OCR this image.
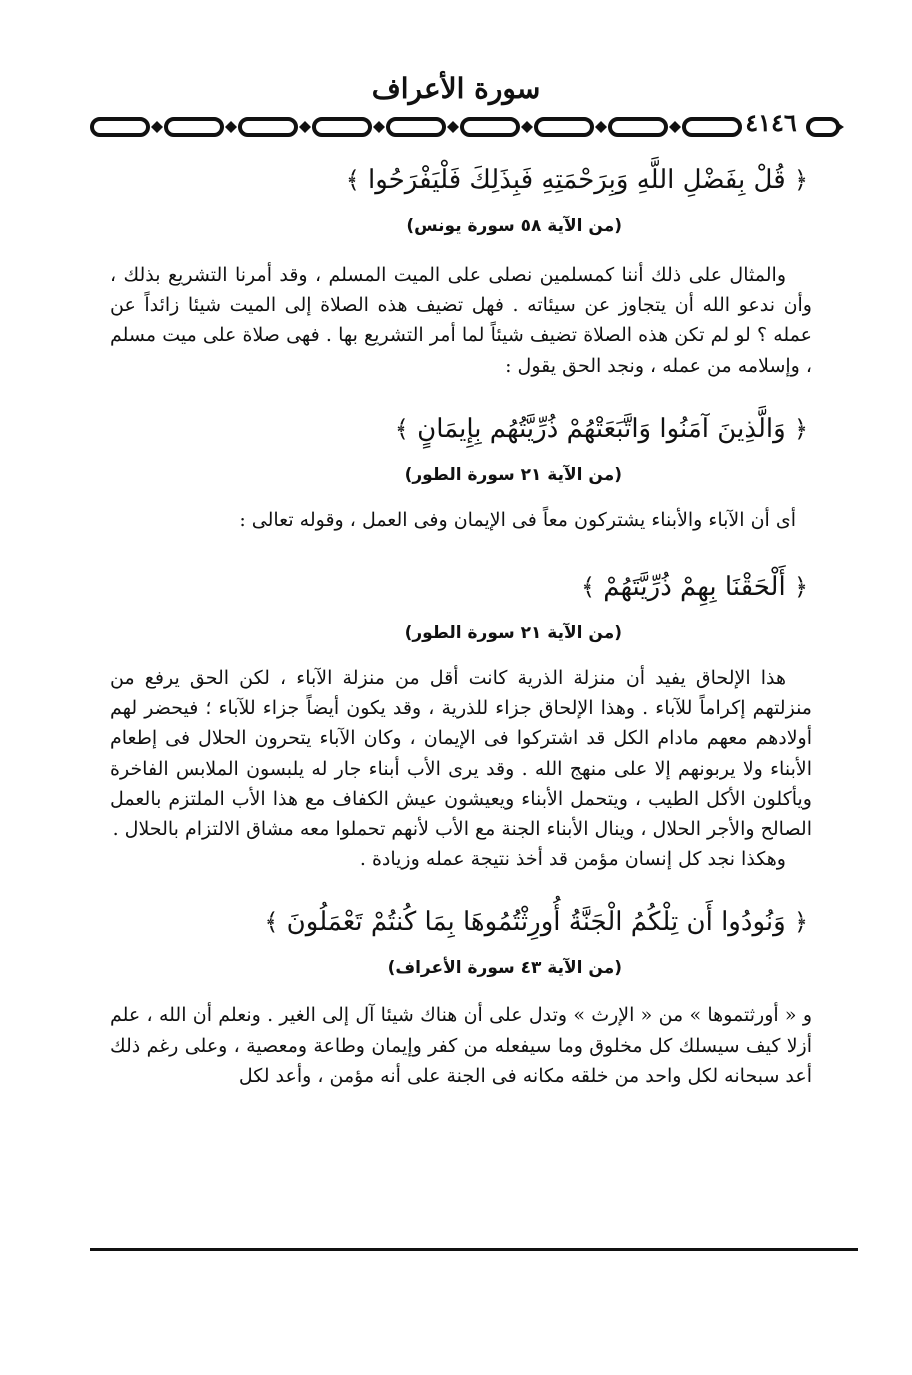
سورة الأعراف
٤١٤٦
﴿ قُلْ بِفَضْلِ اللَّهِ وَبِرَحْمَتِهِ فَبِذَلِكَ فَلْيَفْرَحُوا ﴾
(من الآية ٥٨ سورة يونس)

والمثال على ذلك أننا كمسلمين نصلى على الميت المسلم ، وقد أمرنا التشريع بذلك ، وأن ندعو الله أن يتجاوز عن سيئاته . فهل تضيف هذه الصلاة إلى الميت شيئا زائداً عن عمله ؟ لو لم تكن هذه الصلاة تضيف شيئاً لما أمر التشريع بها . فهى صلاة على ميت مسلم ، وإسلامه من عمله ، ونجد الحق يقول :

﴿ وَالَّذِينَ آمَنُوا وَاتَّبَعَتْهُمْ ذُرِّيَّتُهُم بِإِيمَانٍ ﴾
(من الآية ٢١ سورة الطور)

أى أن الآباء والأبناء يشتركون معاً فى الإيمان وفى العمل ، وقوله تعالى :

﴿ أَلْحَقْنَا بِهِمْ ذُرِّيَّتَهُمْ ﴾
(من الآية ٢١ سورة الطور)

هذا الإلحاق يفيد أن منزلة الذرية كانت أقل من منزلة الآباء ، لكن الحق يرفع من منزلتهم إكراماً للآباء . وهذا الإلحاق جزاء للذرية ، وقد يكون أيضاً جزاء للآباء ؛ فيحضر لهم أولادهم معهم مادام الكل قد اشتركوا فى الإيمان ، وكان الآباء يتحرون الحلال فى إطعام الأبناء ولا يربونهم إلا على منهج الله . وقد يرى الأب أبناء جار له يلبسون الملابس الفاخرة ويأكلون الأكل الطيب ، ويتحمل الأبناء ويعيشون عيش الكفاف مع هذا الأب الملتزم بالعمل الصالح والأجر الحلال ، وينال الأبناء الجنة مع الأب لأنهم تحملوا معه مشاق الالتزام بالحلال .

وهكذا نجد كل إنسان مؤمن قد أخذ نتيجة عمله وزيادة .

﴿ وَنُودُوا أَن تِلْكُمُ الْجَنَّةُ أُورِثْتُمُوهَا بِمَا كُنتُمْ تَعْمَلُونَ ﴾
(من الآية ٤٣ سورة الأعراف)

و « أورثتموها » من « الإرث » وتدل على أن هناك شيئا آل إلى الغير . ونعلم أن الله ، علم أزلا كيف سيسلك كل مخلوق وما سيفعله من كفر وإيمان وطاعة ومعصية ، وعلى رغم ذلك أعد سبحانه لكل واحد من خلقه مكانه فى الجنة على أنه مؤمن ، وأعد لكل
